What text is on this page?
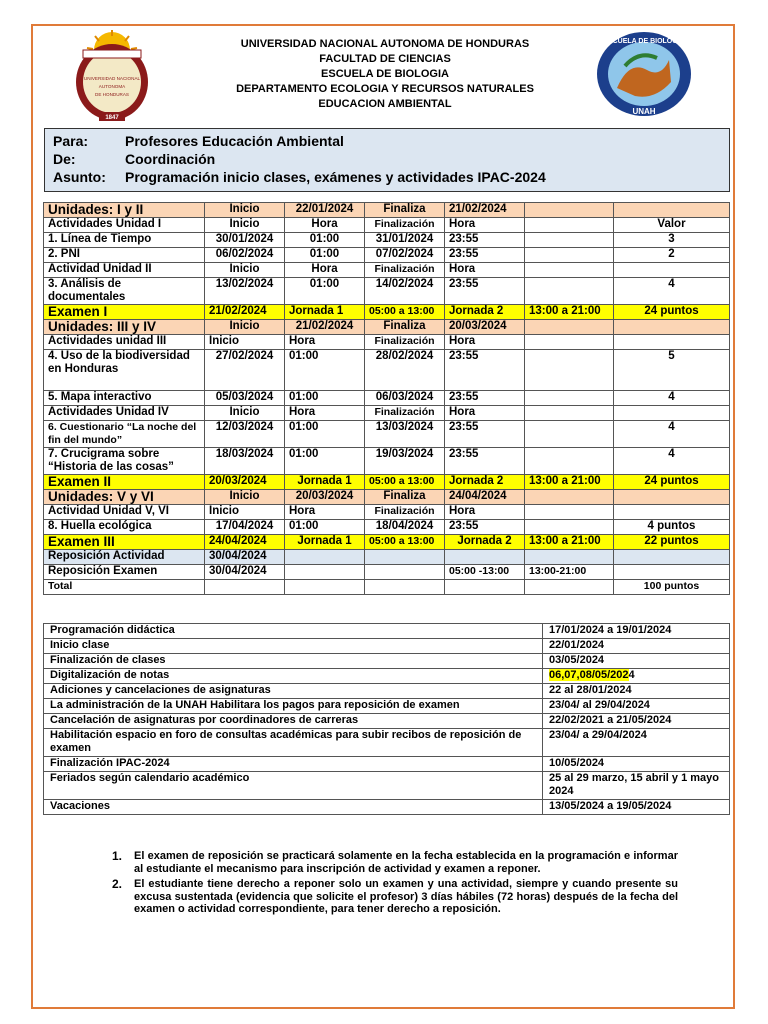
UNIVERSIDAD NACIONAL
AUTONOMA
DE HONDURAS
1847
UNIVERSIDAD NACIONAL AUTONOMA DE HONDURAS
FACULTAD DE CIENCIAS
ESCUELA DE BIOLOGIA
DEPARTAMENTO ECOLOGIA Y RECURSOS NATURALES
EDUCACION AMBIENTAL
ESCUELA DE BIOLOGIA
UNAH
Para:	Profesores Educación Ambiental
De:	Coordinación
Asunto:	Programación inicio clases, exámenes y actividades IPAC-2024
Unidades: I y II	Inicio	22/01/2024	Finaliza	21/02/2024		
Actividades Unidad I	Inicio	Hora	Finalización	Hora		Valor
1. Línea de Tiempo	30/01/2024	01:00	31/01/2024	23:55		3
2. PNI	06/02/2024	01:00	07/02/2024	23:55		2
Actividad Unidad II	Inicio	Hora	Finalización	Hora		
3. Análisis de documentales	13/02/2024	01:00	14/02/2024	23:55		4
Examen I	21/02/2024	Jornada 1	05:00 a 13:00	Jornada 2	13:00 a 21:00	24 puntos
Unidades: III y IV	Inicio	21/02/2024	Finaliza	20/03/2024		
Actividades unidad III	Inicio	Hora	Finalización	Hora		
4. Uso de la biodiversidad en Honduras	27/02/2024	01:00	28/02/2024	23:55		5
5. Mapa interactivo	05/03/2024	01:00	06/03/2024	23:55		4
Actividades Unidad IV	Inicio	Hora	Finalización	Hora		
6. Cuestionario “La noche del fin del mundo”	12/03/2024	01:00	13/03/2024	23:55		4
7. Crucigrama sobre “Historia de las cosas”	18/03/2024	01:00	19/03/2024	23:55		4
Examen II	20/03/2024	Jornada 1	05:00 a 13:00	Jornada 2	13:00 a 21:00	24 puntos
Unidades: V y VI	Inicio	20/03/2024	Finaliza	24/04/2024		
Actividad Unidad V, VI	Inicio	Hora	Finalización	Hora		
8. Huella ecológica	17/04/2024	01:00	18/04/2024	23:55		4 puntos
Examen III	24/04/2024	Jornada 1	05:00 a 13:00	Jornada 2	13:00 a 21:00	22 puntos
Reposición Actividad	30/04/2024					
Reposición Examen	30/04/2024			05:00 -13:00	13:00-21:00	
Total						100 puntos
Programación didáctica	17/01/2024 a 19/01/2024
Inicio clase	22/01/2024
Finalización de clases	03/05/2024
Digitalización de notas	06,07,08/05/2024
Adiciones y cancelaciones de asignaturas	22 al 28/01/2024
La administración de la UNAH Habilitara los pagos para reposición de examen	23/04/ al 29/04/2024
Cancelación de asignaturas por coordinadores de carreras	22/02/2021 a 21/05/2024
Habilitación espacio en foro de consultas académicas para subir recibos de reposición de examen	23/04/ a 29/04/2024
Finalización IPAC-2024	10/05/2024
Feriados según calendario académico	25 al 29 marzo, 15 abril y 1 mayo 2024
Vacaciones	13/05/2024 a 19/05/2024
1. El examen de reposición se practicará solamente en la fecha establecida en la programación e informar al estudiante el mecanismo para inscripción de actividad y examen a reponer.
2. El estudiante tiene derecho a reponer solo un examen y una actividad, siempre y cuando presente su excusa sustentada (evidencia que solicite el profesor) 3 días hábiles (72 horas) después de la fecha del examen o actividad correspondiente, para tener derecho a reposición.
